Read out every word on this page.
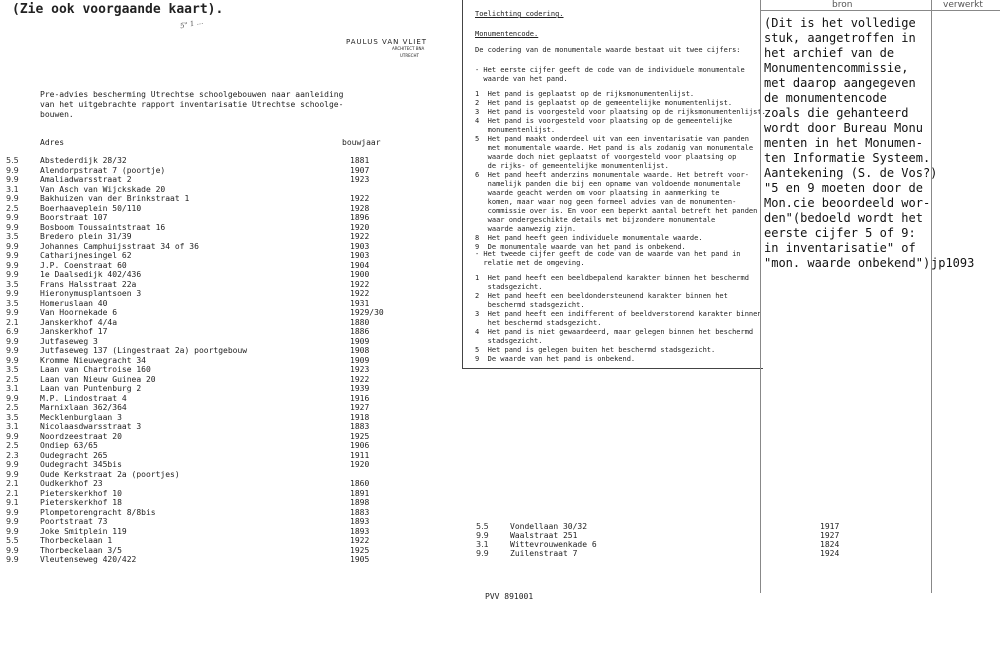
(Zie ook voorgaande kaart).
5" 1 ...
PAULUS VAN VLIET
ARCHITECT BNA
UTRECHT
Pre-advies bescherming Utrechtse schoolgebouwen naar aanleiding
van het uitgebrachte rapport inventarisatie Utrechtse schoolge-
bouwen.
Adres	bouwjaar
5.5	Abstederdijk 28/32	1881
9.9	Alendorpstraat 7 (poortje)	1907
9.9	Amaliadwarsstraat 2	1923
3.1	Van Asch van Wijckskade 20
9.9	Bakhuizen van der Brinkstraat 1	1922
2.5	Boerhaaveplein 50/110	1928
9.9	Boorstraat 107	1896
9.9	Bosboom Toussaintstraat 16	1920
3.5	Bredero plein 31/39	1922
9.9	Johannes Camphuijsstraat 34 of 36	1903
9.9	Catharijnesingel 62	1903
9.9	J.P. Coenstraat 60	1904
9.9	1e Daalsedijk 402/436	1900
3.5	Frans Halsstraat 22a	1922
9.9	Hieronymusplantsoen 3	1922
3.5	Homeruslaan 40	1931
9.9	Van Hoornekade 6	1929/30
2.1	Janskerkhof 4/4a	1880
6.9	Janskerkhof 17	1886
9.9	Jutfaseweg 3	1909
9.9	Jutfaseweg 137 (Lingestraat 2a) poortgebouw	1908
9.9	Kromme Nieuwegracht 34	1909
3.5	Laan van Chartroise 160	1923
2.5	Laan van Nieuw Guinea 20	1922
3.1	Laan van Puntenburg 2	1939
9.9	M.P. Lindostraat 4	1916
2.5	Marnixlaan 362/364	1927
3.5	Mecklenburglaan 3	1918
3.1	Nicolaasdwarsstraat 3	1883
9.9	Noordzeestraat 20	1925
2.5	Ondiep 63/65	1906
2.3	Oudegracht 265	1911
9.9	Oudegracht 345bis	1920
9.9	Oude Kerkstraat 2a (poortjes)
2.1	Oudkerkhof 23	1860
2.1	Pieterskerkhof 10	1891
9.1	Pieterskerkhof 18	1898
9.9	Plompetorengracht 8/8bis	1883
9.9	Poortstraat 73	1893
9.9	Joke Smitplein 119	1893
5.5	Thorbeckelaan 1	1922
9.9	Thorbeckelaan 3/5	1925
9.9	Vleutenseweg 420/422	1905
5.5	Vondellaan 30/32	1917
9.9	Waalstraat 251	1927
3.1	Wittevrouwenkade 6	1824
9.9	Zuilenstraat 7	1924
PVV 891001
Toelichting codering.
Monumentencode.
De codering van de monumentale waarde bestaat uit twee cijfers:
- Het eerste cijfer geeft de code van de individuele monumentale
waarde van het pand.
1  Het pand is geplaatst op de rijksmonumentenlijst.
2  Het pand is geplaatst op de gemeentelijke monumentenlijst.
3  Het pand is voorgesteld voor plaatsing op de rijksmonumentenlijst.
4  Het pand is voorgesteld voor plaatsing op de gemeentelijke
monumentenlijst.
5  Het pand maakt onderdeel uit van een inventarisatie van panden
met monumentale waarde. Het pand is als zodanig van monumentale
waarde doch niet geplaatst of voorgesteld voor plaatsing op
de rijks- of gemeentelijke monumentenlijst.
6  Het pand heeft anderzins monumentale waarde. Het betreft voor-
namelijk panden die bij een opname van voldoende monumentale
waarde geacht werden om voor plaatsing in aanmerking te
komen, maar waar nog geen formeel advies van de monumenten-
commissie over is. En voor een beperkt aantal betreft het panden
waar ondergeschikte details met bijzondere monumentale
waarde aanwezig zijn.
8  Het pand heeft geen individuele monumentale waarde.
9  De monumentale waarde van het pand is onbekend.
- Het tweede cijfer geeft de code van de waarde van het pand in
relatie met de omgeving.
1  Het pand heeft een beeldbepalend karakter binnen het beschermd
stadsgezicht.
2  Het pand heeft een beeldondersteunend karakter binnen het
beschermd stadsgezicht.
3  Het pand heeft een indifferent of beeldverstorend karakter binnen
het beschermd stadsgezicht.
4  Het pand is niet gewaardeerd, maar gelegen binnen het beschermd
stadsgezicht.
5  Het pand is gelegen buiten het beschermd stadsgezicht.
9  De waarde van het pand is onbekend.
bron	verwerkt
(Dit is het volledige
stuk, aangetroffen in
het archief van de
Monumentencommissie,
met daarop aangegeven
de monumentencode
zoals die gehanteerd
wordt door Bureau Monu
menten in het Monumen-
ten Informatie Systeem.
Aantekening (S. de Vos?)
"5 en 9 moeten door de
Mon.cie beoordeeld wor-
den"(bedoeld wordt het
eerste cijfer 5 of 9:
in inventarisatie" of
"mon. waarde onbekend") jp1093
